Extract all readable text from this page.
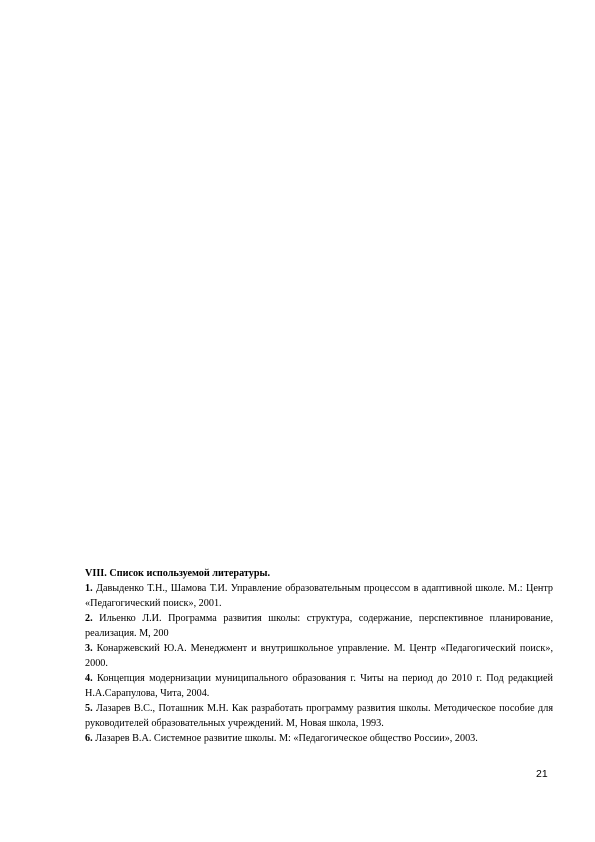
VIII. Список используемой литературы.

1. Давыденко Т.Н., Шамова Т.И. Управление образовательным процессом в адаптивной школе. М.: Центр «Педагогический поиск», 2001.
2. Ильенко Л.И. Программа развития школы: структура, содержание, перспективное планирование, реализация. М, 200
3. Конаржевский Ю.А. Менеджмент и внутришкольное управление. М. Центр «Педагогический поиск», 2000.
4. Концепция модернизации муниципального образования г. Читы на период до 2010 г. Под редакцией Н.А.Сарапулова, Чита, 2004.
5. Лазарев В.С., Поташник М.Н. Как разработать программу развития школы. Методическое пособие для руководителей образовательных учреждений. М, Новая школа, 1993.
6. Лазарев В.А. Системное развитие школы. М: «Педагогическое общество России», 2003.
21
